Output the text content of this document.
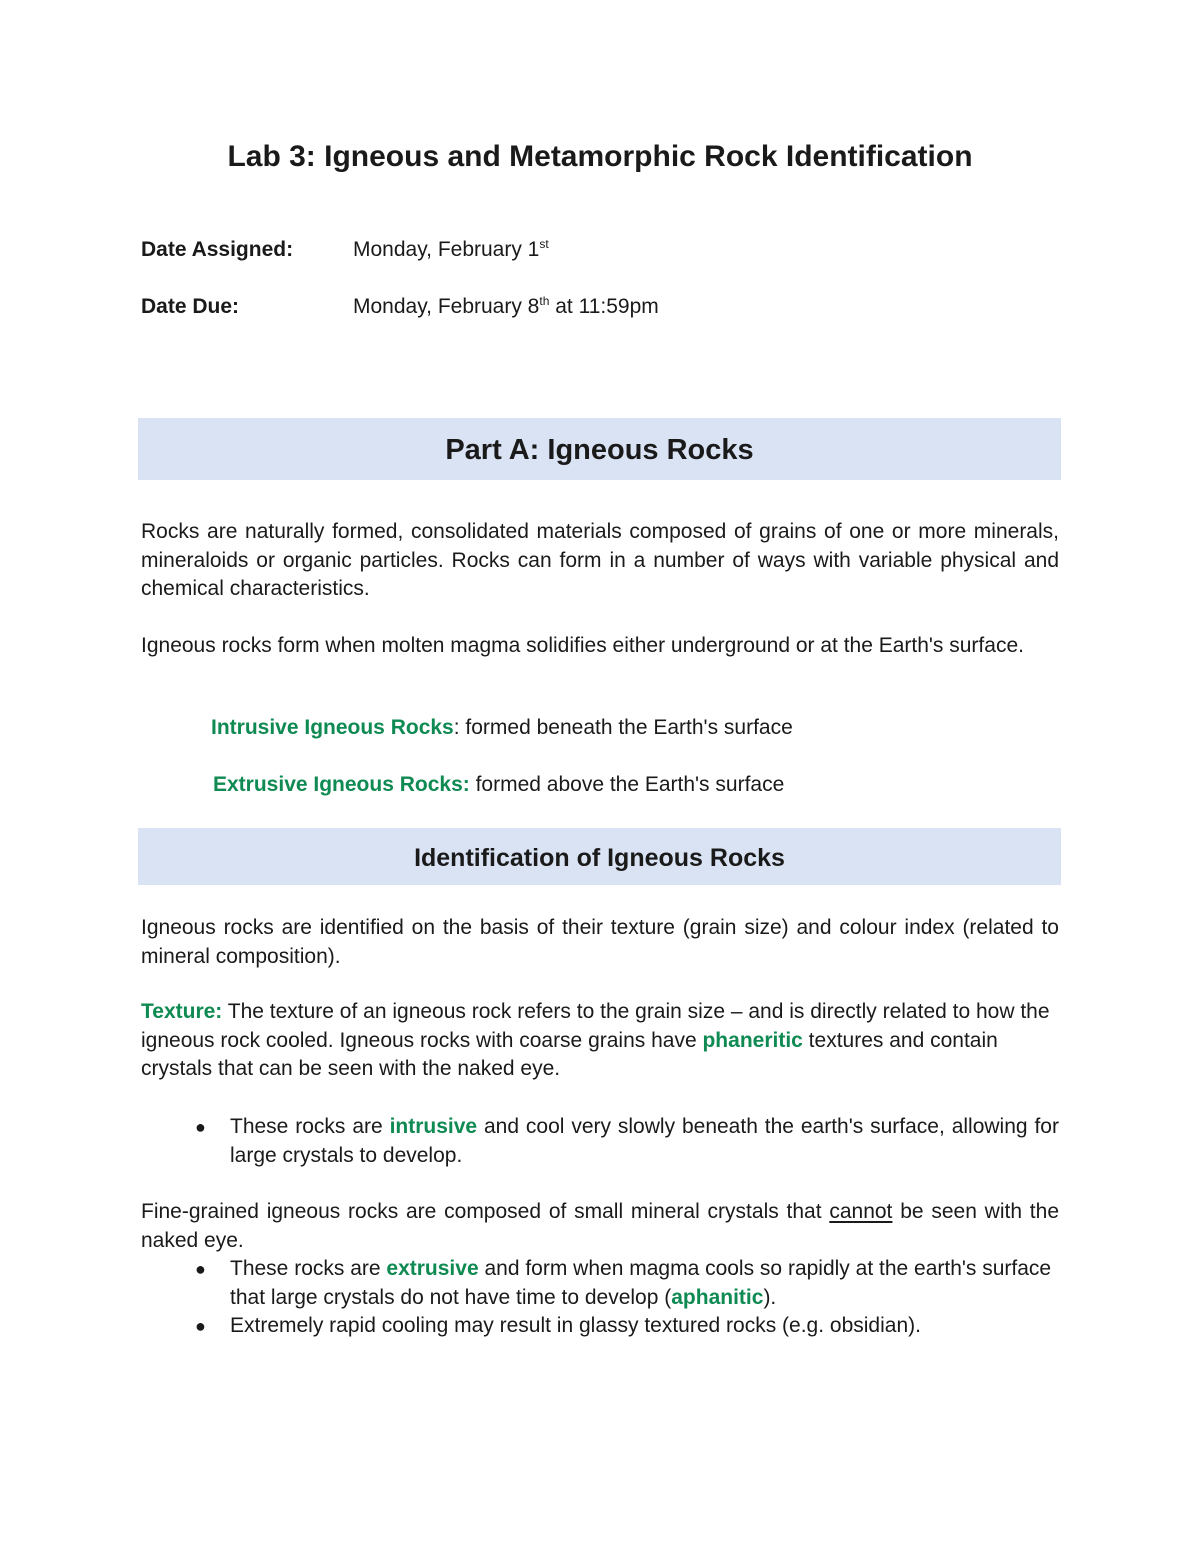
Lab 3: Igneous and Metamorphic Rock Identification
Date Assigned:	Monday, February 1st
Date Due:	Monday, February 8th at 11:59pm
Part A: Igneous Rocks

Rocks are naturally formed, consolidated materials composed of grains of one or more minerals, mineraloids or organic particles. Rocks can form in a number of ways with variable physical and chemical characteristics.

Igneous rocks form when molten magma solidifies either underground or at the Earth's surface.

Intrusive Igneous Rocks: formed beneath the Earth's surface
Extrusive Igneous Rocks: formed above the Earth's surface
Identification of Igneous Rocks

Igneous rocks are identified on the basis of their texture (grain size) and colour index (related to mineral composition).

Texture: The texture of an igneous rock refers to the grain size – and is directly related to how the igneous rock cooled. Igneous rocks with coarse grains have phaneritic textures and contain crystals that can be seen with the naked eye.

● These rocks are intrusive and cool very slowly beneath the earth's surface, allowing for large crystals to develop.

Fine-grained igneous rocks are composed of small mineral crystals that cannot be seen with the naked eye.

● These rocks are extrusive and form when magma cools so rapidly at the earth's surface that large crystals do not have time to develop (aphanitic).
● Extremely rapid cooling may result in glassy textured rocks (e.g. obsidian).
